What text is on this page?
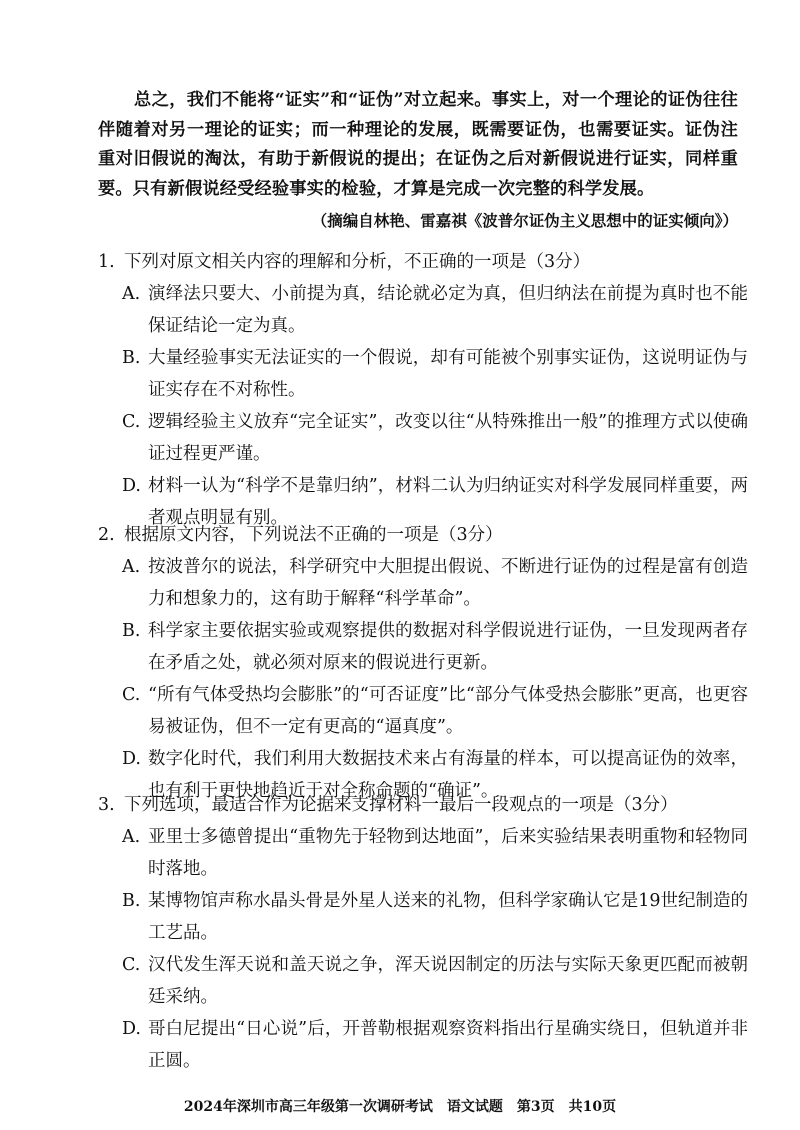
总之，我们不能将“证实”和“证伪”对立起来。事实上，对一个理论的证伪往往伴随着对另一理论的证实；而一种理论的发展，既需要证伪，也需要证实。证伪注重对旧假说的淘汰，有助于新假说的提出；在证伪之后对新假说进行证实，同样重要。只有新假说经受经验事实的检验，才算是完成一次完整的科学发展。
（摘编自林艳、雷嘉祺《波普尔证伪主义思想中的证实倾向》）
1. 下列对原文相关内容的理解和分析，不正确的一项是（3分）
A. 演绎法只要大、小前提为真，结论就必定为真，但归纳法在前提为真时也不能保证结论一定为真。
B. 大量经验事实无法证实的一个假说，却有可能被个别事实证伪，这说明证伪与证实存在不对称性。
C. 逻辑经验主义放弃“完全证实”，改变以往“从特殊推出一般”的推理方式以使确证过程更严谨。
D. 材料一认为“科学不是靠归纳”，材料二认为归纳证实对科学发展同样重要，两者观点明显有别。
2. 根据原文内容，下列说法不正确的一项是（3分）
A. 按波普尔的说法，科学研究中大胆提出假说、不断进行证伪的过程是富有创造力和想象力的，这有助于解释“科学革命”。
B. 科学家主要依据实验或观察提供的数据对科学假说进行证伪，一旦发现两者存在矛盾之处，就必须对原来的假说进行更新。
C. “所有气体受热均会膨胀”的“可否证度”比“部分气体受热会膨胀”更高，也更容易被证伪，但不一定有更高的“逼真度”。
D. 数字化时代，我们利用大数据技术来占有海量的样本，可以提高证伪的效率，也有利于更快地趋近于对全称命题的“确证”。
3. 下列选项，最适合作为论据来支撑材料一最后一段观点的一项是（3分）
A. 亚里士多德曾提出“重物先于轻物到达地面”，后来实验结果表明重物和轻物同时落地。
B. 某博物馆声称水晶头骨是外星人送来的礼物，但科学家确认它是19世纪制造的工艺品。
C. 汉代发生浑天说和盖天说之争，浑天说因制定的历法与实际天象更匹配而被朝廷采纳。
D. 哥白尼提出“日心说”后，开普勒根据观察资料指出行星确实绕日，但轨道并非正圆。
2024年深圳市高三年级第一次调研考试　语文试题　第3页　共10页
